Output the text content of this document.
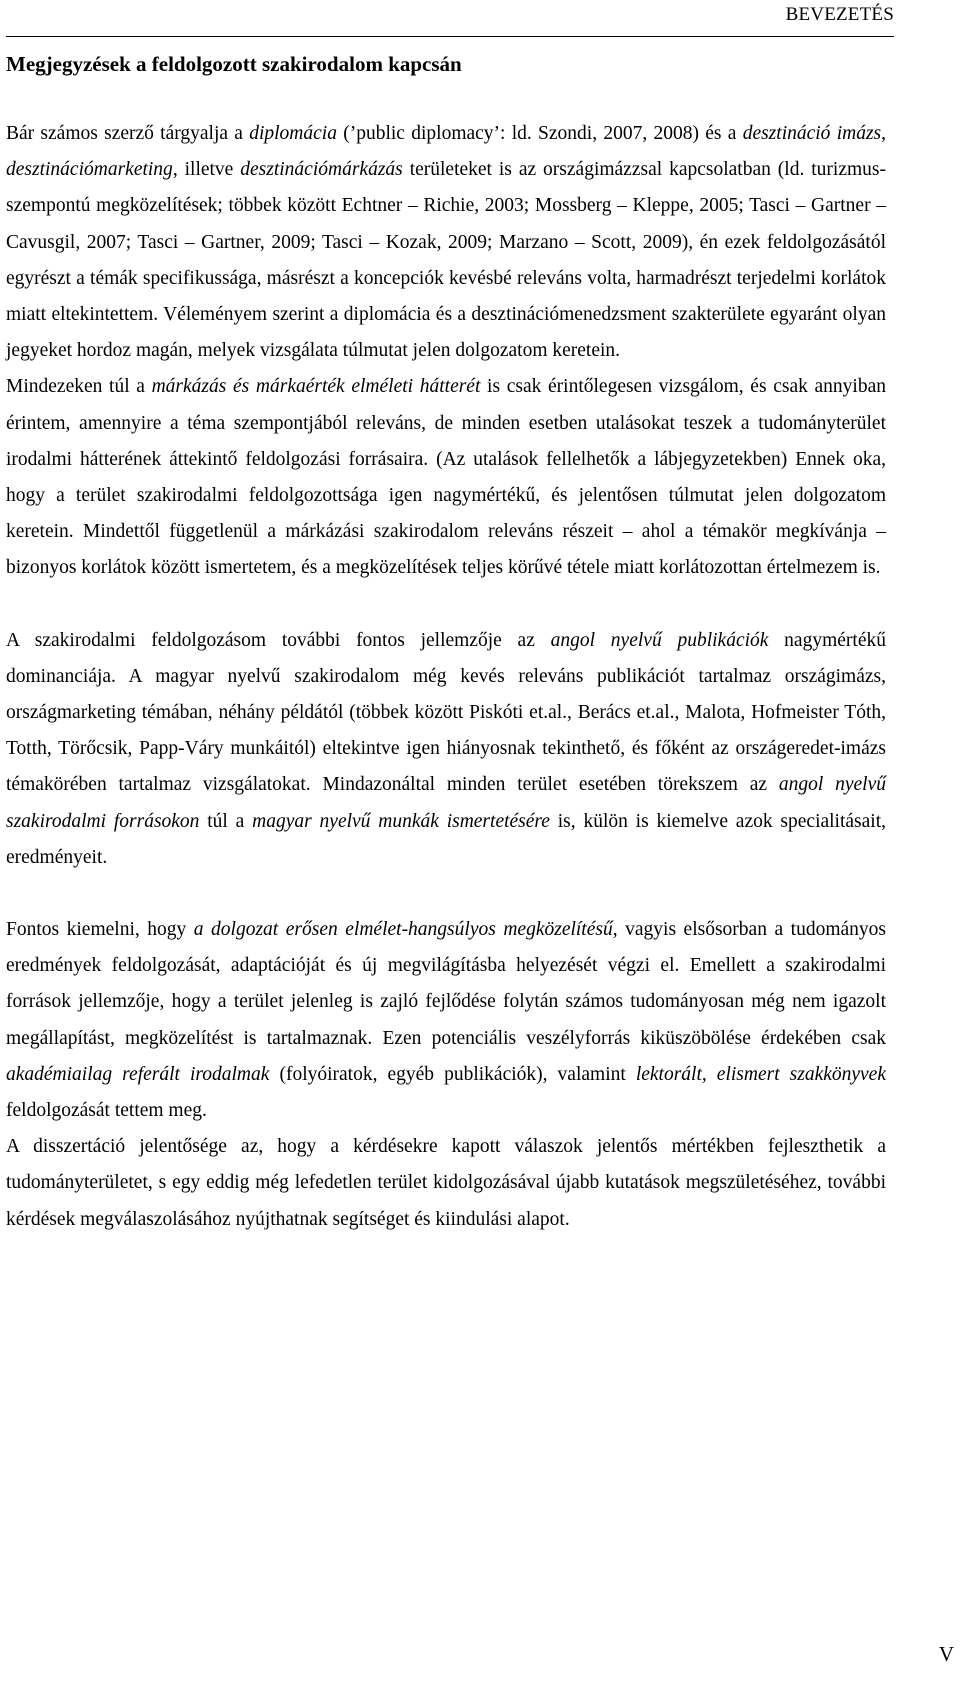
BEVEZETÉS
Megjegyzések a feldolgozott szakirodalom kapcsán

Bár számos szerző tárgyalja a diplomácia (’public diplomacy’: ld. Szondi, 2007, 2008) és a desztináció imázs, desztinációmarketing, illetve desztinációmárkázás területeket is az országimázzsal kapcsolatban (ld. turizmus-szempontú megközelítések; többek között Echtner – Richie, 2003; Mossberg – Kleppe, 2005; Tasci – Gartner – Cavusgil, 2007; Tasci – Gartner, 2009; Tasci – Kozak, 2009; Marzano – Scott, 2009), én ezek feldolgozásától egyrészt a témák specifikussága, másrészt a koncepciók kevésbé releváns volta, harmadrészt terjedelmi korlátok miatt eltekintettem. Véleményem szerint a diplomácia és a desztinációmenedzsment szakterülete egyaránt olyan jegyeket hordoz magán, melyek vizsgálata túlmutat jelen dolgozatom keretein.

Mindezeken túl a márkázás és márkaérték elméleti hátterét is csak érintőlegesen vizsgálom, és csak annyiban érintem, amennyire a téma szempontjából releváns, de minden esetben utalásokat teszek a tudományterület irodalmi hátterének áttekintő feldolgozási forrásaira. (Az utalások fellelhetők a lábjegyzetekben) Ennek oka, hogy a terület szakirodalmi feldolgozottsága igen nagymértékű, és jelentősen túlmutat jelen dolgozatom keretein. Mindettől függetlenül a márkázási szakirodalom releváns részeit – ahol a témakör megkívánja – bizonyos korlátok között ismertetem, és a megközelítések teljes körűvé tétele miatt korlátozottan értelmezem is.

A szakirodalmi feldolgozásom további fontos jellemzője az angol nyelvű publikációk nagymértékű dominanciája. A magyar nyelvű szakirodalom még kevés releváns publikációt tartalmaz országimázs, országmarketing témában, néhány példától (többek között Piskóti et.al., Berács et.al., Malota, Hofmeister Tóth, Totth, Törőcsik, Papp-Váry munkáitól) eltekintve igen hiányosnak tekinthető, és főként az országeredet-imázs témakörében tartalmaz vizsgálatokat. Mindazonáltal minden terület esetében törekszem az angol nyelvű szakirodalmi forrásokon túl a magyar nyelvű munkák ismertetésére is, külön is kiemelve azok specialitásait, eredményeit.

Fontos kiemelni, hogy a dolgozat erősen elmélet-hangsúlyos megközelítésű, vagyis elsősorban a tudományos eredmények feldolgozását, adaptációját és új megvilágításba helyezését végzi el. Emellett a szakirodalmi források jellemzője, hogy a terület jelenleg is zajló fejlődése folytán számos tudományosan még nem igazolt megállapítást, megközelítést is tartalmaznak. Ezen potenciális veszélyforrás kiküszöbölése érdekében csak akadémiailag referált irodalmak (folyóiratok, egyéb publikációk), valamint lektorált, elismert szakkönyvek feldolgozását tettem meg.

A disszertáció jelentősége az, hogy a kérdésekre kapott válaszok jelentős mértékben fejleszthetik a tudományterületet, s egy eddig még lefedetlen terület kidolgozásával újabb kutatások megszületéséhez, további kérdések megválaszolásához nyújthatnak segítséget és kiindulási alapot.

V
